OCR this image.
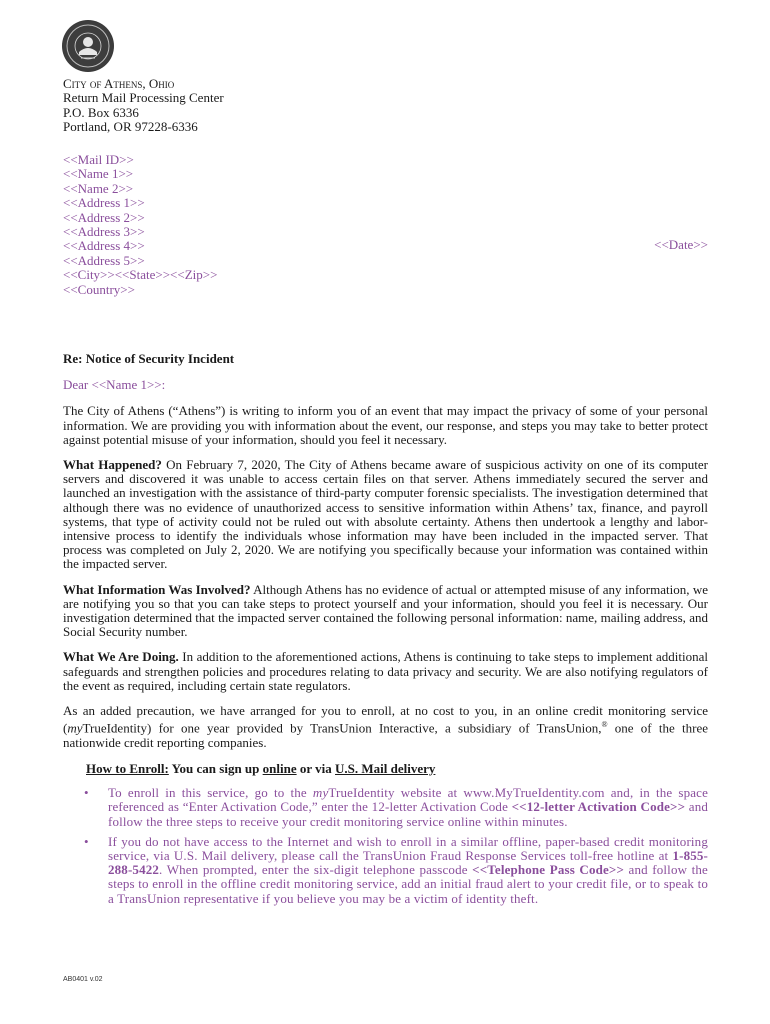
City of Athens, Ohio
Return Mail Processing Center
P.O. Box 6336
Portland, OR 97228-6336
<<Mail ID>>
<<Name 1>>
<<Name 2>>
<<Address 1>>
<<Address 2>>
<<Address 3>>
<<Address 4>>
<<Address 5>>
<<City>><<State>><<Zip>>
<<Country>>
<<Date>>

Re: Notice of Security Incident

Dear <<Name 1>>:

The City of Athens (“Athens”) is writing to inform you of an event that may impact the privacy of some of your personal information. We are providing you with information about the event, our response, and steps you may take to better protect against potential misuse of your information, should you feel it necessary.

What Happened? On February 7, 2020, The City of Athens became aware of suspicious activity on one of its computer servers and discovered it was unable to access certain files on that server. Athens immediately secured the server and launched an investigation with the assistance of third-party computer forensic specialists. The investigation determined that although there was no evidence of unauthorized access to sensitive information within Athens’ tax, finance, and payroll systems, that type of activity could not be ruled out with absolute certainty. Athens then undertook a lengthy and labor-intensive process to identify the individuals whose information may have been included in the impacted server. That process was completed on July 2, 2020. We are notifying you specifically because your information was contained within the impacted server.

What Information Was Involved? Although Athens has no evidence of actual or attempted misuse of any information, we are notifying you so that you can take steps to protect yourself and your information, should you feel it is necessary. Our investigation determined that the impacted server contained the following personal information: name, mailing address, and Social Security number.

What We Are Doing. In addition to the aforementioned actions, Athens is continuing to take steps to implement additional safeguards and strengthen policies and procedures relating to data privacy and security. We are also notifying regulators of the event as required, including certain state regulators.

As an added precaution, we have arranged for you to enroll, at no cost to you, in an online credit monitoring service (myTrueIdentity) for one year provided by TransUnion Interactive, a subsidiary of TransUnion,® one of the three nationwide credit reporting companies.

How to Enroll: You can sign up online or via U.S. Mail delivery

• To enroll in this service, go to the myTrueIdentity website at www.MyTrueIdentity.com and, in the space referenced as “Enter Activation Code,” enter the 12-letter Activation Code <<12-letter Activation Code>> and follow the three steps to receive your credit monitoring service online within minutes.
• If you do not have access to the Internet and wish to enroll in a similar offline, paper-based credit monitoring service, via U.S. Mail delivery, please call the TransUnion Fraud Response Services toll-free hotline at 1-855-288-5422. When prompted, enter the six-digit telephone passcode <<Telephone Pass Code>> and follow the steps to enroll in the offline credit monitoring service, add an initial fraud alert to your credit file, or to speak to a TransUnion representative if you believe you may be a victim of identity theft.
AB0401 v.02
